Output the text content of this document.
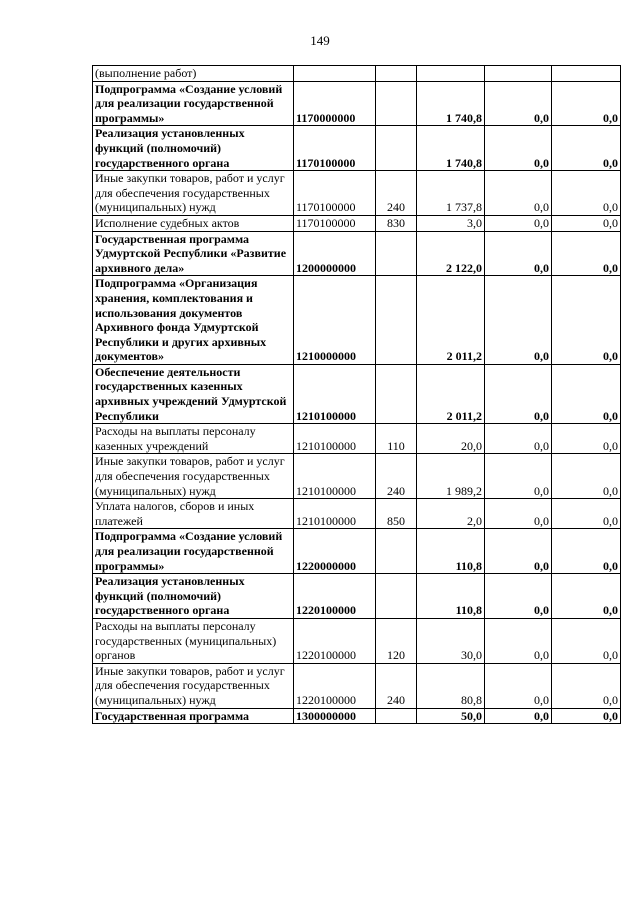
149
(выполнение работ)					
Подпрограмма «Создание условий для реализации государственной программы»	1170000000		1 740,8	0,0	0,0
Реализация установленных функций (полномочий) государственного органа	1170100000		1 740,8	0,0	0,0
Иные закупки товаров, работ и услуг для обеспечения государственных (муниципальных) нужд	1170100000	240	1 737,8	0,0	0,0
Исполнение судебных актов	1170100000	830	3,0	0,0	0,0
Государственная программа Удмуртской Республики «Развитие архивного дела»	1200000000		2 122,0	0,0	0,0
Подпрограмма «Организация хранения, комплектования и использования документов Архивного фонда Удмуртской Республики и других архивных документов»	1210000000		2 011,2	0,0	0,0
Обеспечение деятельности государственных казенных архивных учреждений Удмуртской Республики	1210100000		2 011,2	0,0	0,0
Расходы на выплаты персоналу казенных учреждений	1210100000	110	20,0	0,0	0,0
Иные закупки товаров, работ и услуг для обеспечения государственных (муниципальных) нужд	1210100000	240	1 989,2	0,0	0,0
Уплата налогов, сборов и иных платежей	1210100000	850	2,0	0,0	0,0
Подпрограмма «Создание условий для реализации государственной программы»	1220000000		110,8	0,0	0,0
Реализация установленных функций (полномочий) государственного органа	1220100000		110,8	0,0	0,0
Расходы на выплаты персоналу государственных (муниципальных) органов	1220100000	120	30,0	0,0	0,0
Иные закупки товаров, работ и услуг для обеспечения государственных (муниципальных) нужд	1220100000	240	80,8	0,0	0,0
Государственная программа	1300000000		50,0	0,0	0,0
